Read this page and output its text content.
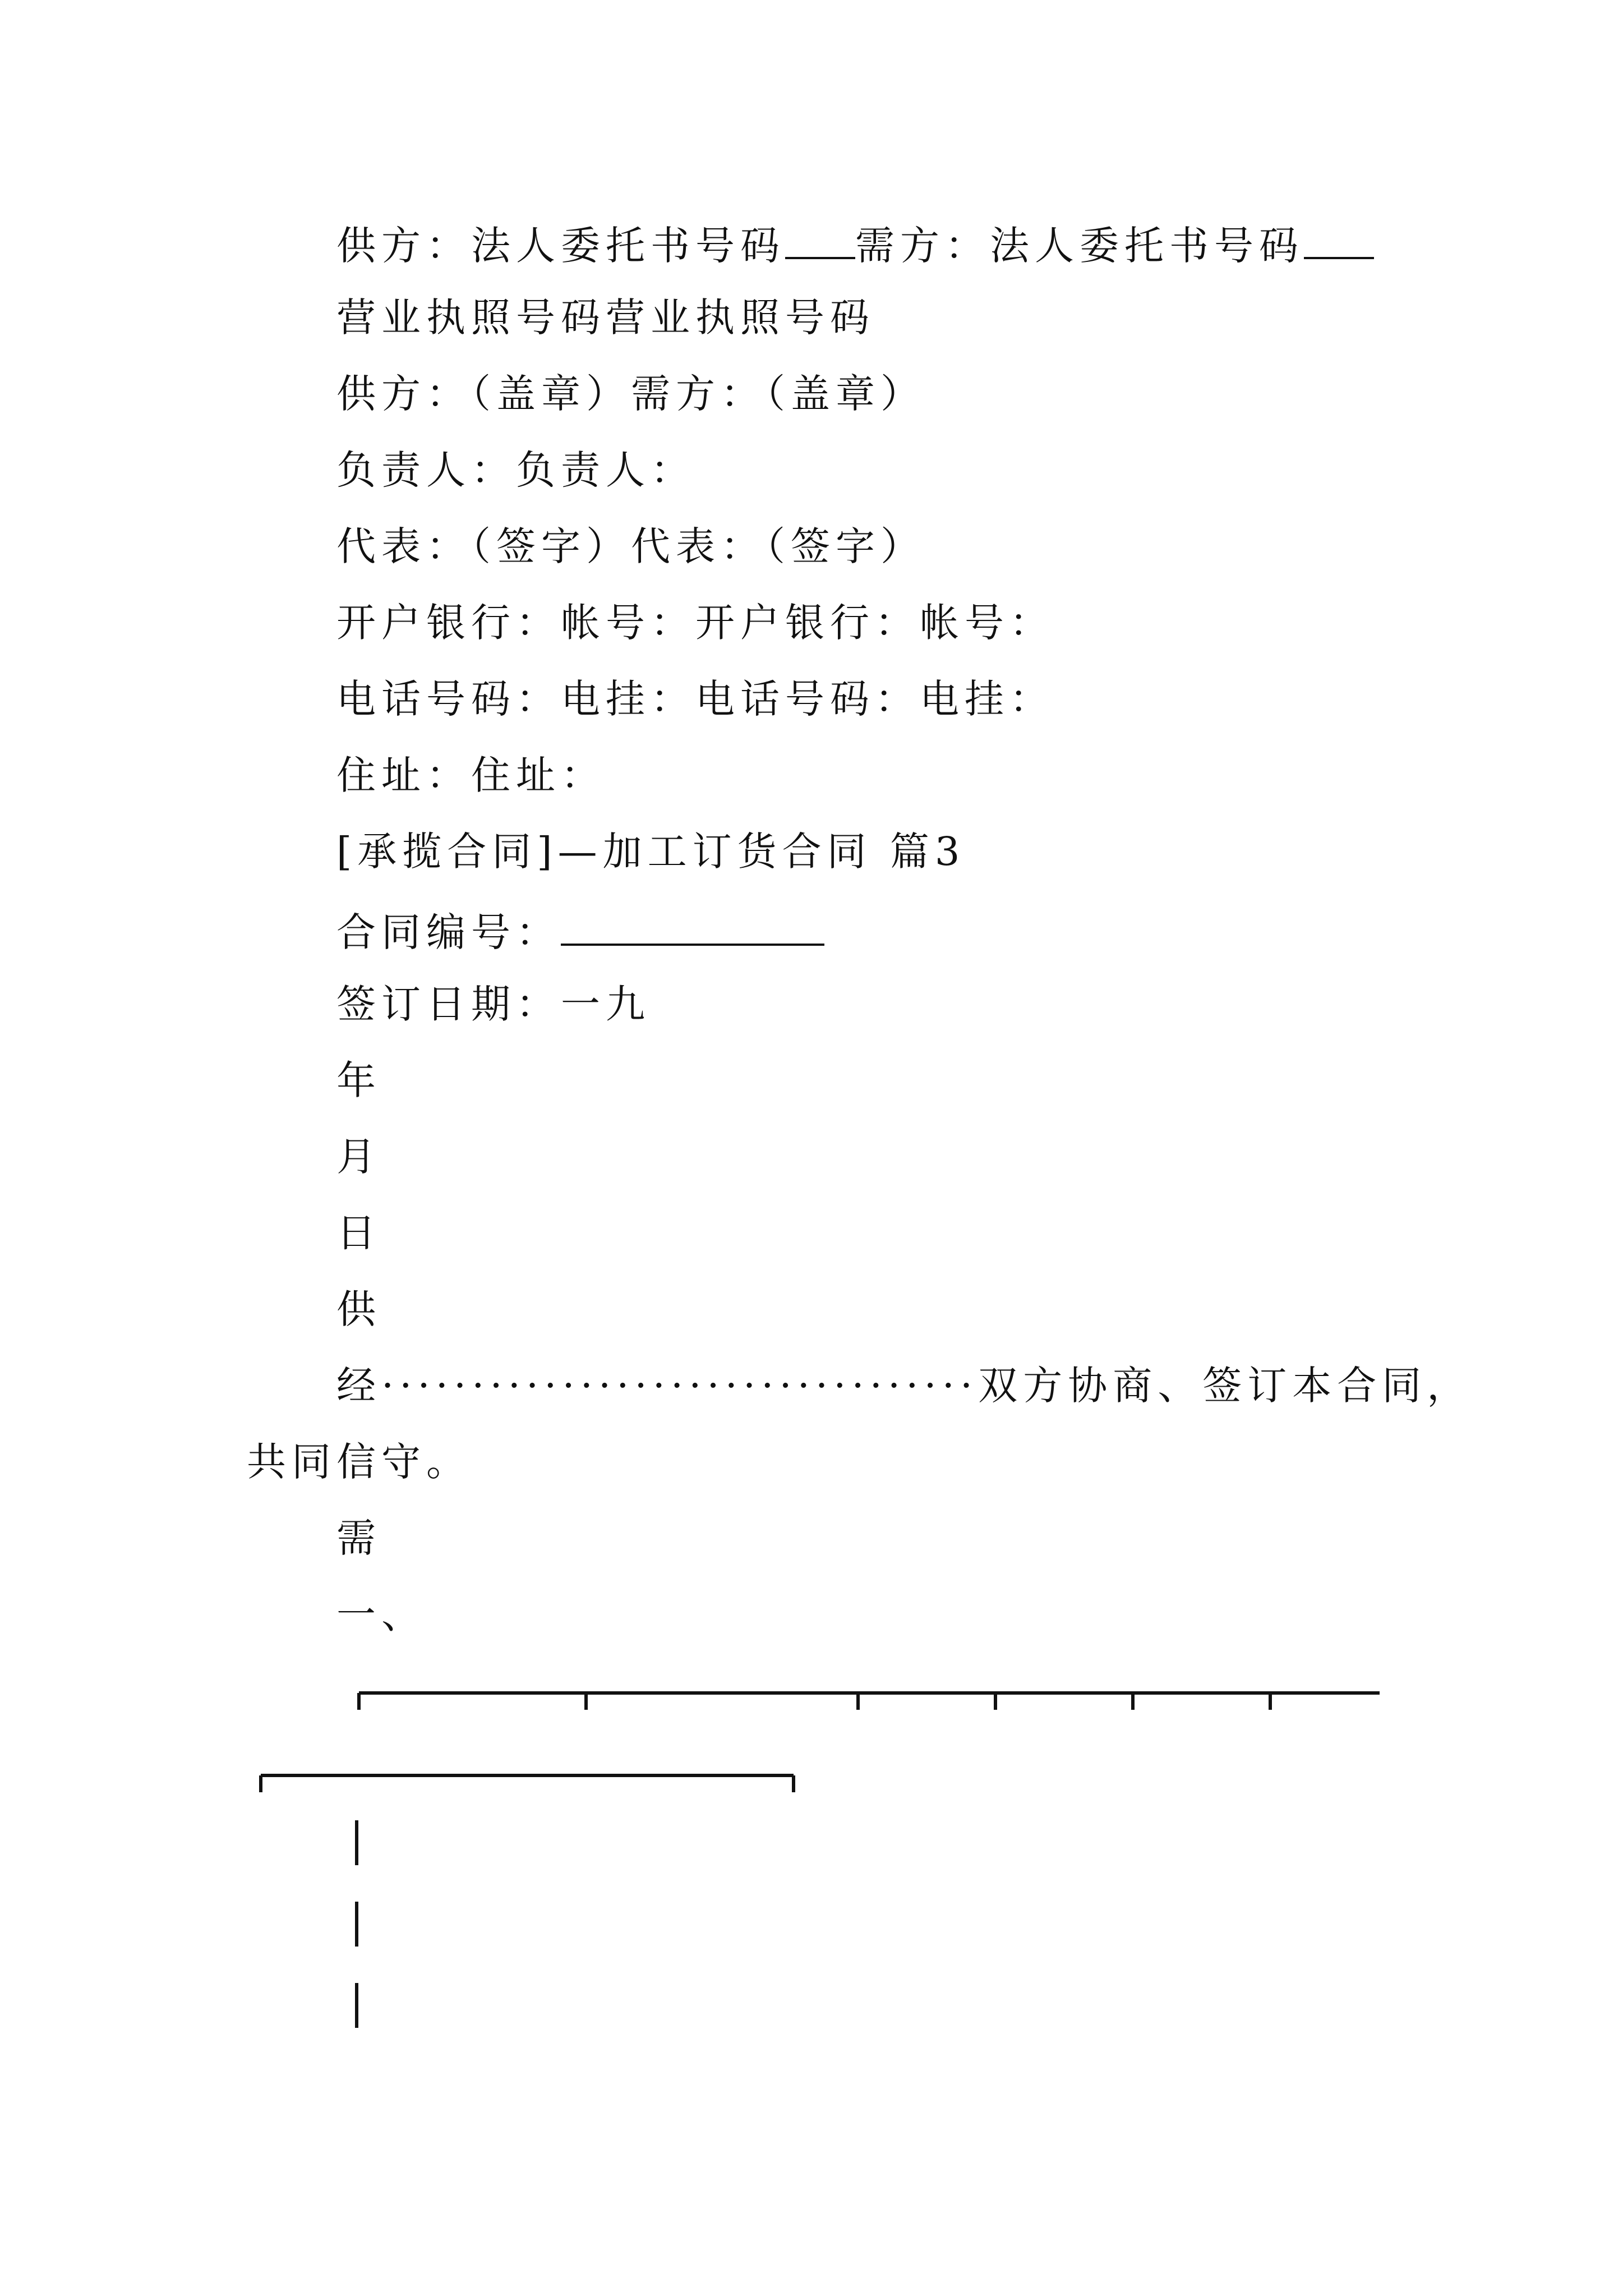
供方：法人委托书号码 需方：法人委托书号码
营业执照号码营业执照号码
供方：（盖章）需方：（盖章）
负责人：负责人：
代表：（签字）代表：（签字）
开户银行：帐号：开户银行：帐号：
电话号码：电挂：电话号码：电挂：
住址：住址：
[承揽合同]—加工订货合同 篇3
合同编号：
签订日期：一九
年
月
日
供
经·································双方协商、签订本合同，
共同信守。
需
一、
